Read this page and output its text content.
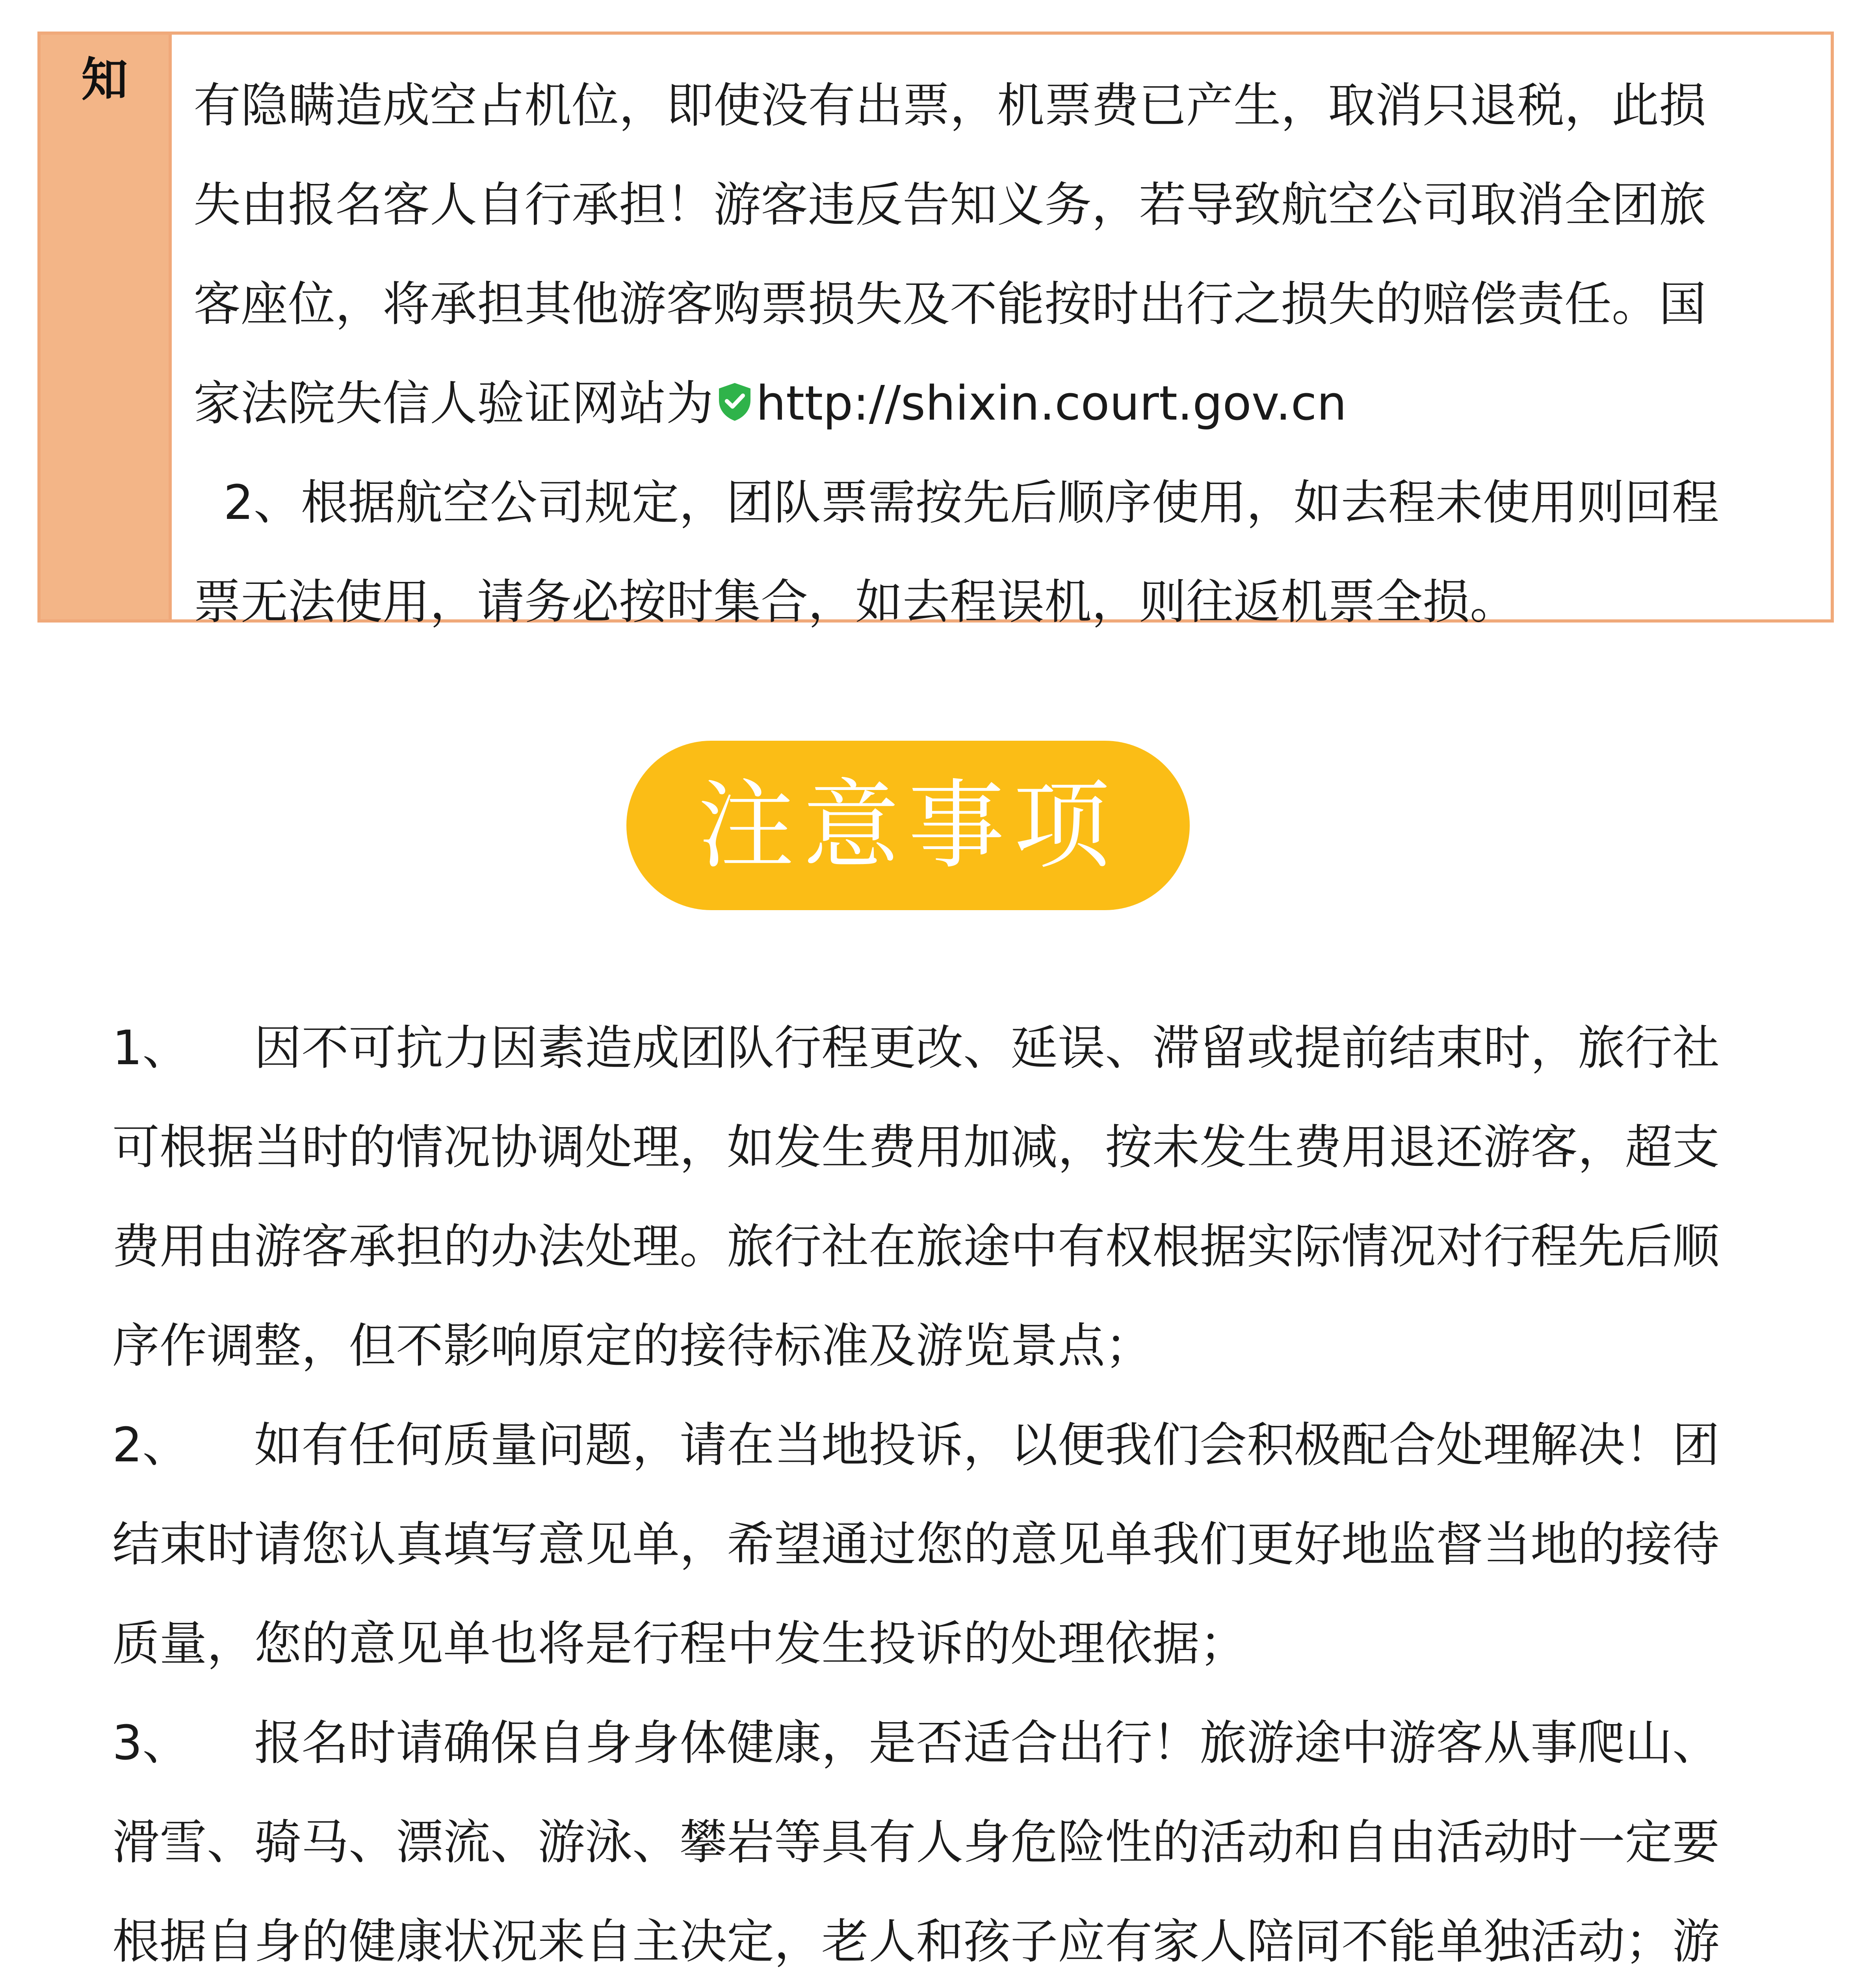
知	有隐瞒造成空占机位，即使没有出票，机票费已产生，取消只退税，此损
失由报名客人自行承担！游客违反告知义务，若导致航空公司取消全团旅
客座位，将承担其他游客购票损失及不能按时出行之损失的赔偿责任。国
家法院失信人验证网站为 http://shixin.court.gov.cn
2、根据航空公司规定，团队票需按先后顺序使用，如去程未使用则回程
票无法使用，请务必按时集合，如去程误机，则往返机票全损。
注意事项
1、 因不可抗力因素造成团队行程更改、延误、滞留或提前结束时，旅行社
可根据当时的情况协调处理，如发生费用加减，按未发生费用退还游客，超支
费用由游客承担的办法处理。旅行社在旅途中有权根据实际情况对行程先后顺
序作调整，但不影响原定的接待标准及游览景点；
2、 如有任何质量问题，请在当地投诉，以便我们会积极配合处理解决！团
结束时请您认真填写意见单，希望通过您的意见单我们更好地监督当地的接待
质量，您的意见单也将是行程中发生投诉的处理依据；
3、 报名时请确保自身身体健康，是否适合出行！旅游途中游客从事爬山、
滑雪、骑马、漂流、游泳、攀岩等具有人身危险性的活动和自由活动时一定要
根据自身的健康状况来自主决定，老人和孩子应有家人陪同不能单独活动；游
